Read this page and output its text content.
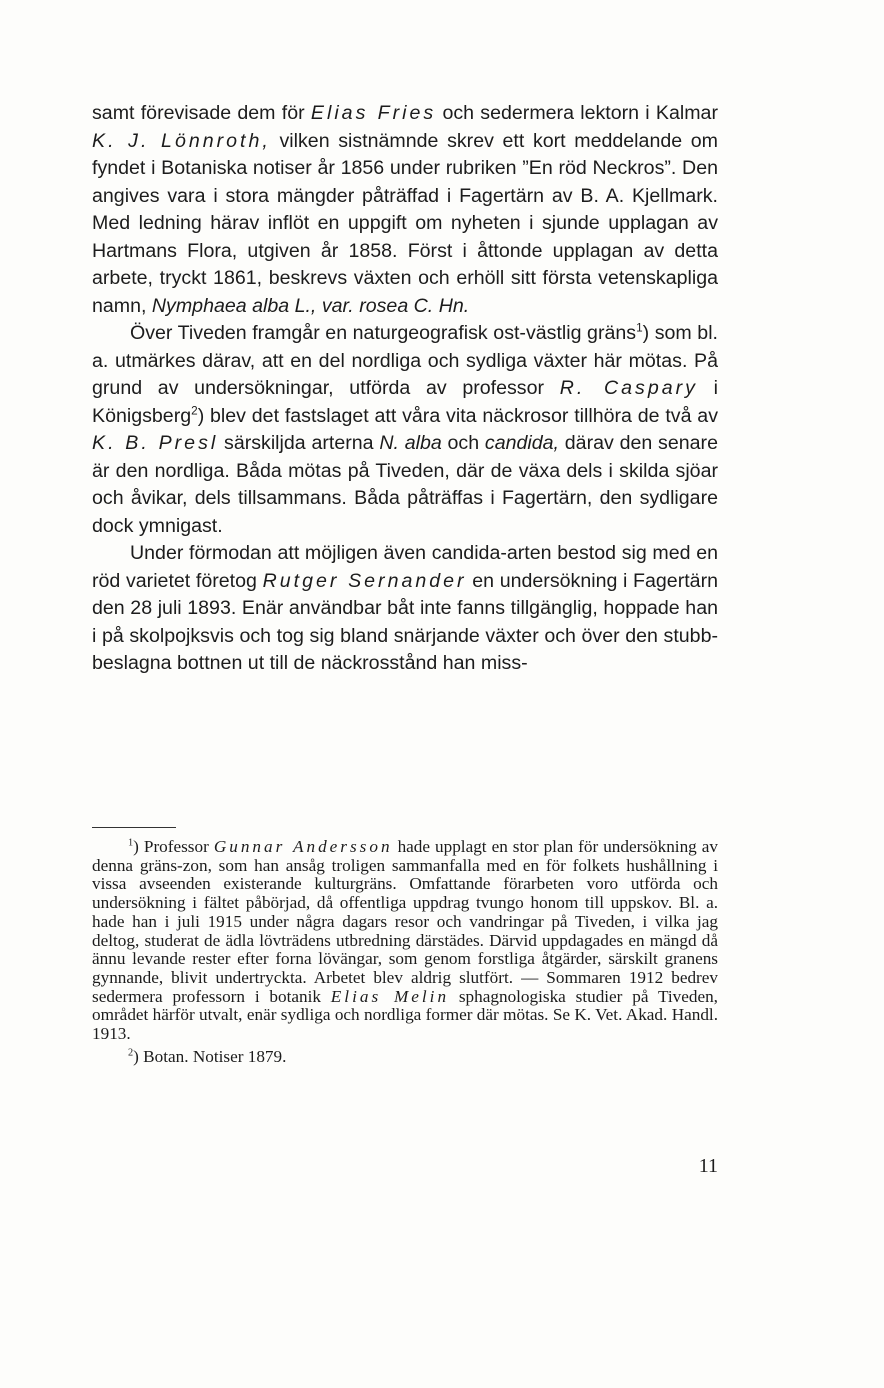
samt förevisade dem för Elias Fries och sedermera lektorn i Kalmar K. J. Lönnroth, vilken sistnämnde skrev ett kort meddelande om fyndet i Botaniska notiser år 1856 under rubriken ”En röd Neckros”. Den angives vara i stora mängder påträffad i Fagertärn av B. A. Kjellmark. Med ledning härav inflöt en uppgift om nyheten i sjunde upplagan av Hartmans Flora, utgiven år 1858. Först i åttonde upplagan av detta arbete, tryckt 1861, beskrevs växten och erhöll sitt första vetenskapliga namn, Nymphaea alba L., var. rosea C. Hn.

Över Tiveden framgår en naturgeografisk ost-västlig gräns$^1$) som bl. a. utmärkes därav, att en del nordliga och sydliga växter här mötas. På grund av undersökningar, utförda av professor R. Caspary i Königsberg$^2$) blev det fastslaget att våra vita näckrosor tillhöra de två av K. B. Presl särskiljda arterna N. alba och candida, därav den senare är den nordliga. Båda mötas på Tiveden, där de växa dels i skilda sjöar och åvikar, dels tillsammans. Båda påträffas i Fagertärn, den sydligare dock ymnigast.

Under förmodan att möjligen även candida-arten bestod sig med en röd varietet företog Rutger Sernander en undersökning i Fagertärn den 28 juli 1893. Enär användbar båt inte fanns tillgänglig, hoppade han i på skolpojksvis och tog sig bland snärjande växter och över den stubb-beslagna bottnen ut till de näckrosstånd han miss-

$^1$) Professor Gunnar Andersson hade upplagt en stor plan för undersökning av denna gräns-zon, som han ansåg troligen sammanfalla med en för folkets hushållning i vissa avseenden existerande kulturgräns. Omfattande förarbeten voro utförda och undersökning i fältet påbörjad, då offentliga uppdrag tvungo honom till uppskov. Bl. a. hade han i juli 1915 under några dagars resor och vandringar på Tiveden, i vilka jag deltog, studerat de ädla lövträdens utbredning därstädes. Därvid uppdagades en mängd då ännu levande rester efter forna lövängar, som genom forstliga åtgärder, särskilt granens gynnande, blivit undertryckta. Arbetet blev aldrig slutfört. — Sommaren 1912 bedrev sedermera professorn i botanik Elias Melin sphagnologiska studier på Tiveden, området härför utvalt, enär sydliga och nordliga former där mötas. Se K. Vet. Akad. Handl. 1913.

$^2$) Botan. Notiser 1879.

11
